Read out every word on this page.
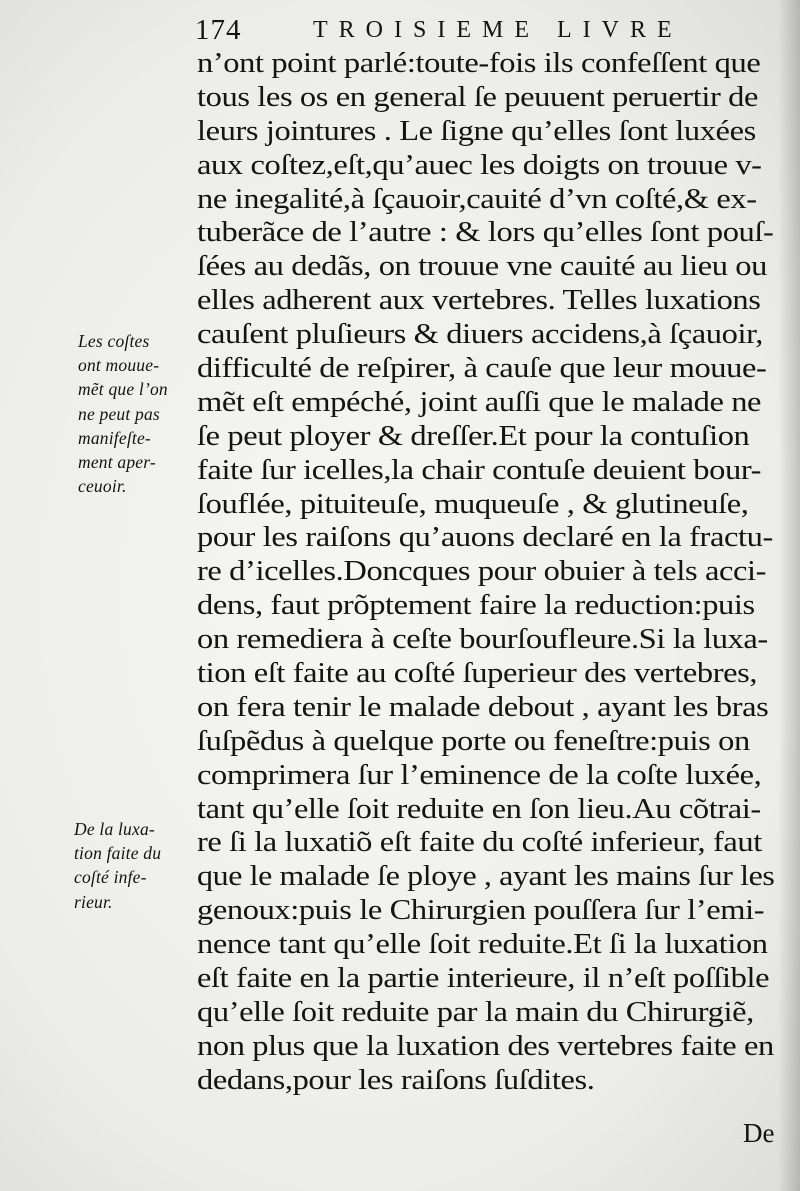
174	TROISIEME LIVRE
n’ont point parlé:toute-fois ils confeſſent que
tous les os en general ſe peuuent peruertir de
leurs jointures . Le ſigne qu’elles ſont luxées
aux coſtez,eſt,qu’auec les doigts on trouue v-
ne inegalité,à ſçauoir,cauité d’vn coſté,& ex-
tuberãce de l’autre : & lors qu’elles ſont pouſ-
ſées au dedãs, on trouue vne cauité au lieu ou
elles adherent aux vertebres. Telles luxations
cauſent pluſieurs & diuers accidens,à ſçauoir,
difficulté de reſpirer, à cauſe que leur mouue-
mẽt eſt empéché, joint auſſi que le malade ne
ſe peut ployer & dreſſer.Et pour la contuſion
faite ſur icelles,la chair contuſe deuient bour-
ſouflée, pituiteuſe, muqueuſe , & glutineuſe,
pour les raiſons qu’auons declaré en la fractu-
re d’icelles.Doncques pour obuier à tels acci-
dens, faut prõptement faire la reduction:puis
on remediera à ceſte bourſoufleure.Si la luxa-
tion eſt faite au coſté ſuperieur des vertebres,
on fera tenir le malade debout , ayant les bras
ſuſpẽdus à quelque porte ou feneſtre:puis on
comprimera ſur l’eminence de la coſte luxée,
tant qu’elle ſoit reduite en ſon lieu.Au cõtrai-
re ſi la luxatiõ eſt faite du coſté inferieur, faut
que le malade ſe ploye , ayant les mains ſur les
genoux:puis le Chirurgien pouſſera ſur l’emi-
nence tant qu’elle ſoit reduite.Et ſi la luxation
eſt faite en la partie interieure, il n’eſt poſſible
qu’elle ſoit reduite par la main du Chirurgiẽ,
non plus que la luxation des vertebres faite en
dedans,pour les raiſons ſuſdites.
Les coſtes
ont mouue-
mẽt que l’on
ne peut pas
manifeſte-
ment aper-
ceuoir.
De la luxa-
tion faite du
coſté infe-
rieur.
De
